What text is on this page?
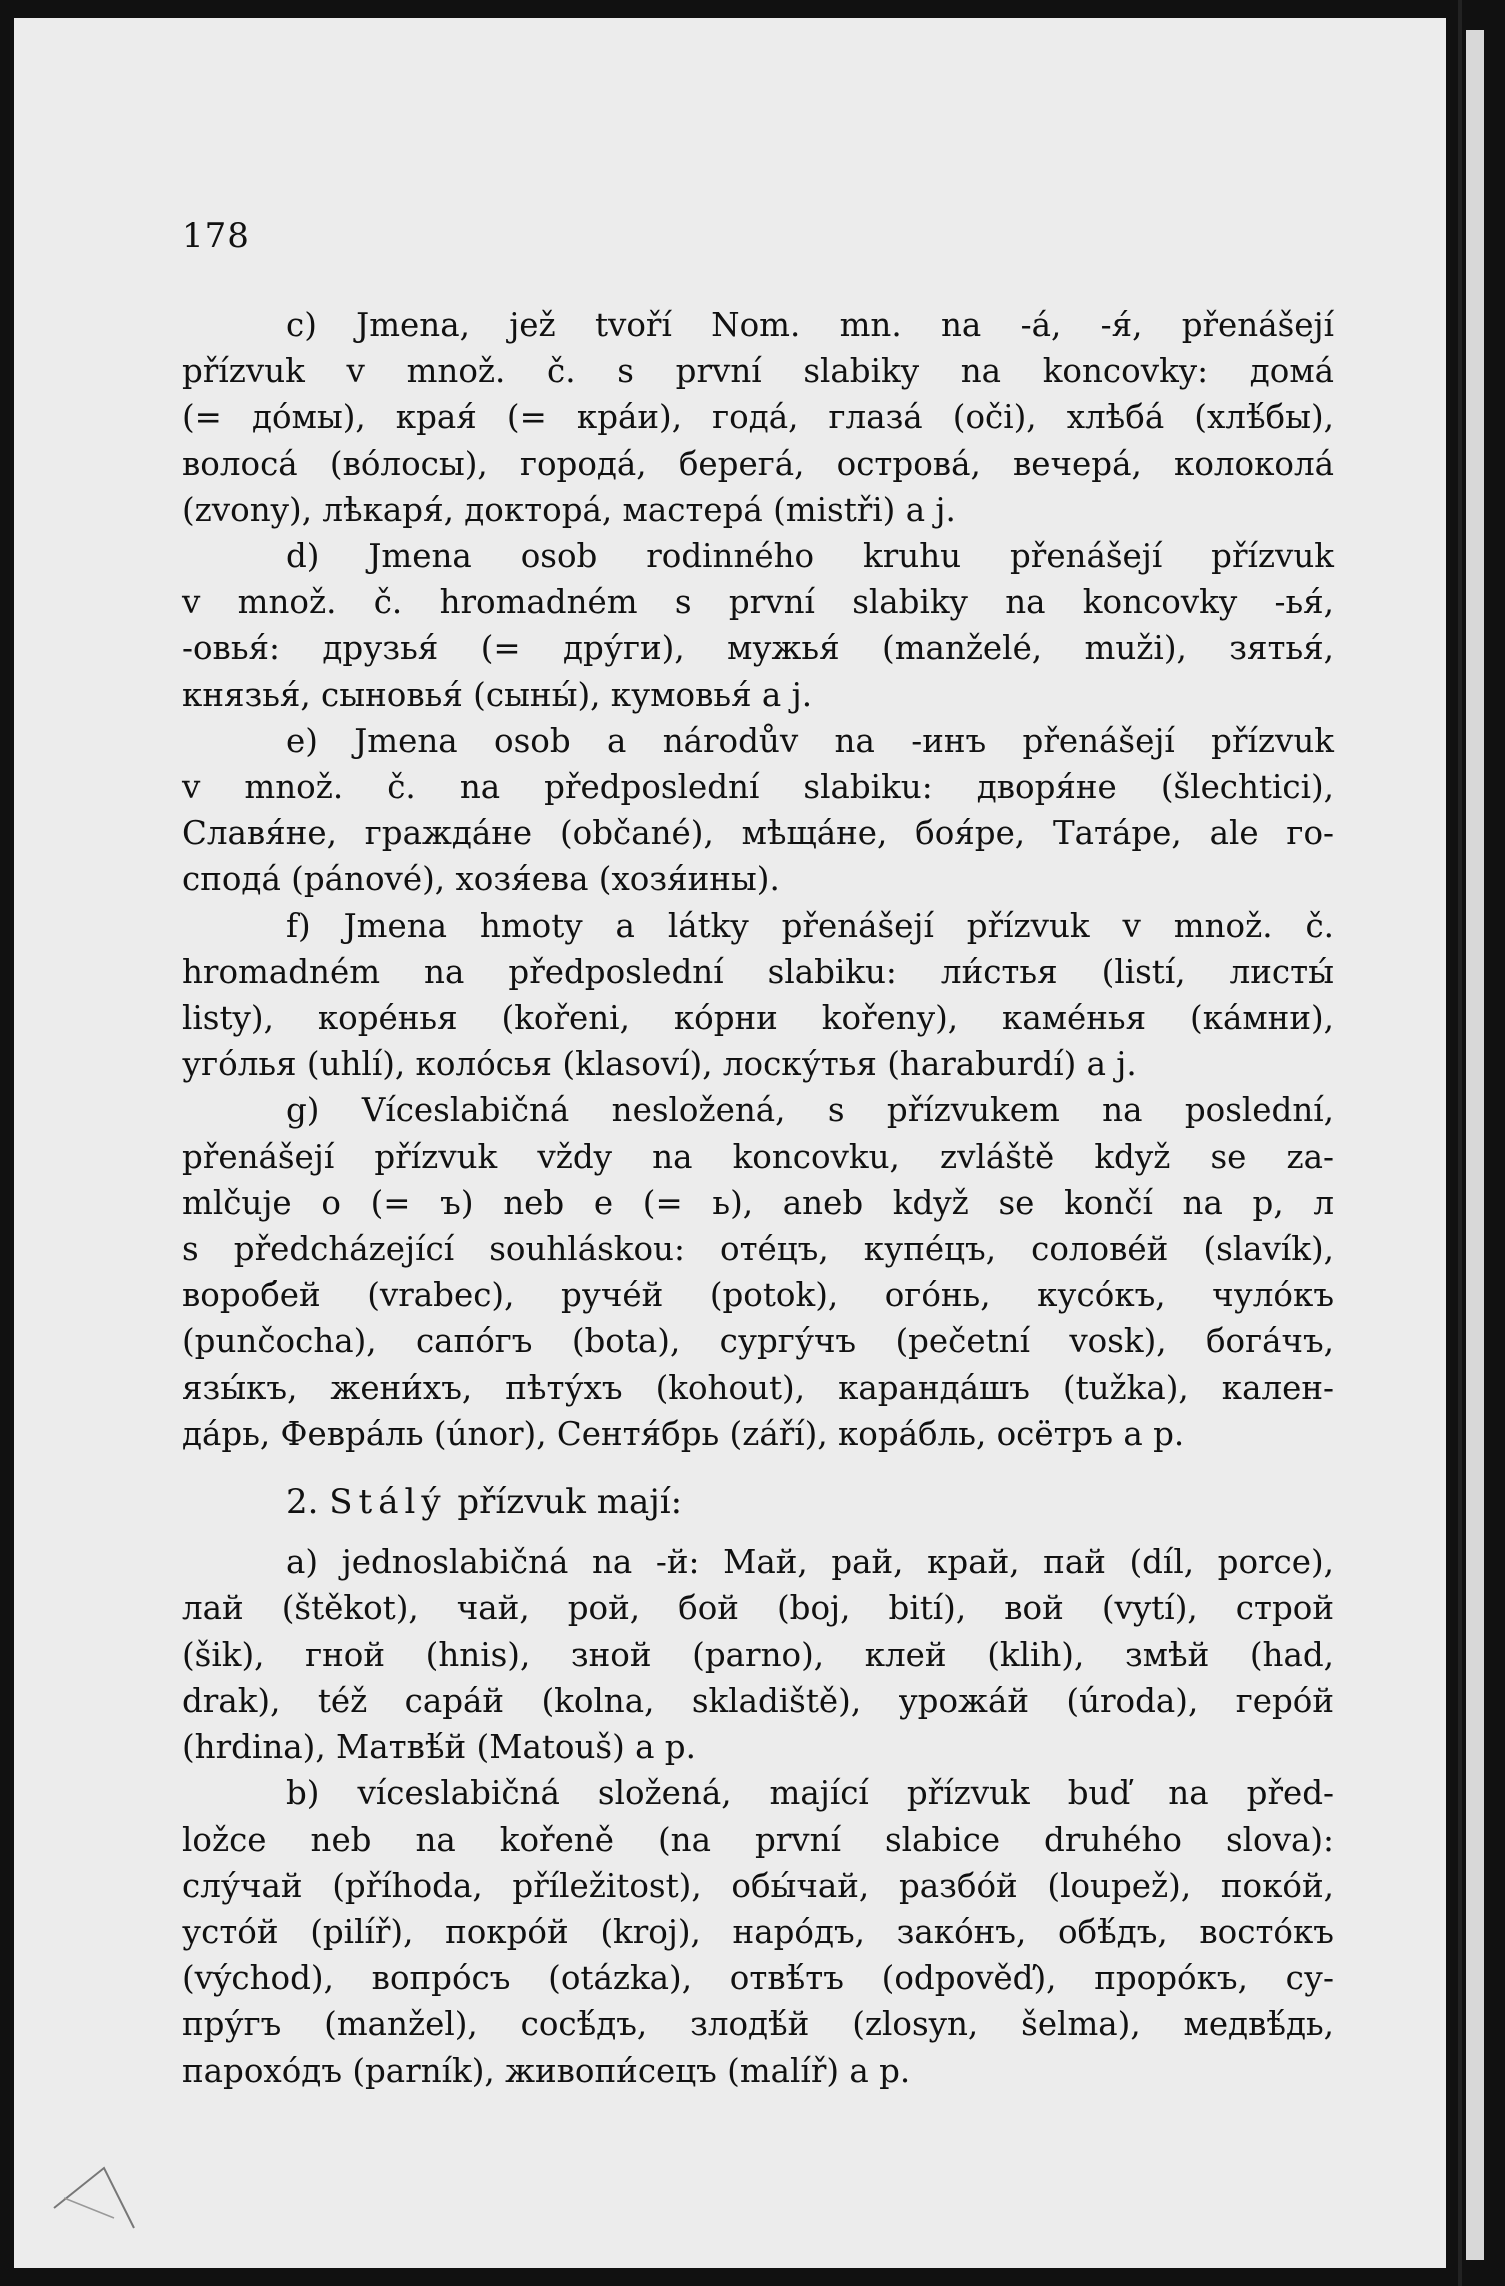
178
c) Jmena, jež tvoří Nom. mn. na -á, -я́, přenášejí
přízvuk v množ. č. s první slabiky na koncovky: домá
(= до́мы), края́ (= кра́и), годá, глазá (oči), хлѣбá (хлѣ́бы),
волосá (во́лосы), городá, берегá, островá, вечерá, колоколá
(zvony), лѣкаря́, докторá, мастерá (mistři) a j.
d) Jmena osob rodinného kruhu přenášejí přízvuk
v množ. č. hromadném s první slabiky na koncovky -ья́,
-овья́: друзья́ (= дру́ги), мужья́ (manželé, muži), зятья́,
князья́, сыновья́ (сыны́), кумовья́ a j.
e) Jmena osob a národův na -инъ přenášejí přízvuk
v množ. č. na předposlední slabiku: дворя́не (šlechtici),
Славя́не, гражда́не (občané), мѣща́не, боя́ре, Тата́ре, ale го-
сподá (pánové), хозя́ева (хозя́ины).
f) Jmena hmoty a látky přenášejí přízvuk v množ. č.
hromadném na předposlední slabiku: ли́стья (listí, листы́
listy), коре́нья (kořeni, ко́рни kořeny), каме́нья (ка́мни),
уго́лья (uhlí), коло́сья (klasoví), лоску́тья (haraburdí) a j.
g) Víceslabičná nesložená, s přízvukem na poslední,
přenášejí přízvuk vždy na koncovku, zvláště když se za-
mlčuje o (= ъ) neb e (= ь), aneb když se končí na р, л
s předcházející souhláskou: оте́цъ, купе́цъ, солове́й (slavík),
вороб́ей (vrabec), руче́й (potok), ого́нь, кусо́къ, чуло́къ
(punčocha), сапо́гъ (bota), сургу́чъ (pečetní vosk), бога́чъ,
язы́къ, жени́хъ, пѣту́хъ (kohout), каранда́шъ (tužka), кален-
да́рь, Февра́ль (únor), Сентя́брь (září), кора́бль, осётръ a p.
2. Stálý přízvuk mají:
a) jednoslabičná na -й: Май, рай, край, пай (díl, porce),
лай (štěkot), чай, рой, бой (boj, bití), вой (vytí), строй
(šik), гной (hnis), зной (parno), клей (klih), змѣй (had,
drak), též сара́й (kolna, skladiště), урожа́й (úroda), геро́й
(hrdina), Матвѣ́й (Matouš) a p.
b) víceslabičná složená, mající přízvuk buď na před-
ložce neb na kořeně (na první slabice druhého slova):
слу́чай (příhoda, příležitost), обы́чай, разбо́й (loupež), поко́й,
усто́й (pilíř), покро́й (kroj), наро́дъ, зако́нъ, обѣ́дъ, восто́къ
(východ), вопро́съ (otázka), отвѣ́тъ (odpověď), проро́къ, су-
пру́гъ (manžel), сосѣ́дъ, злодѣ́й (zlosyn, šelma), медвѣ́дь,
парохо́дъ (parník), живопи́сецъ (malíř) a p.
